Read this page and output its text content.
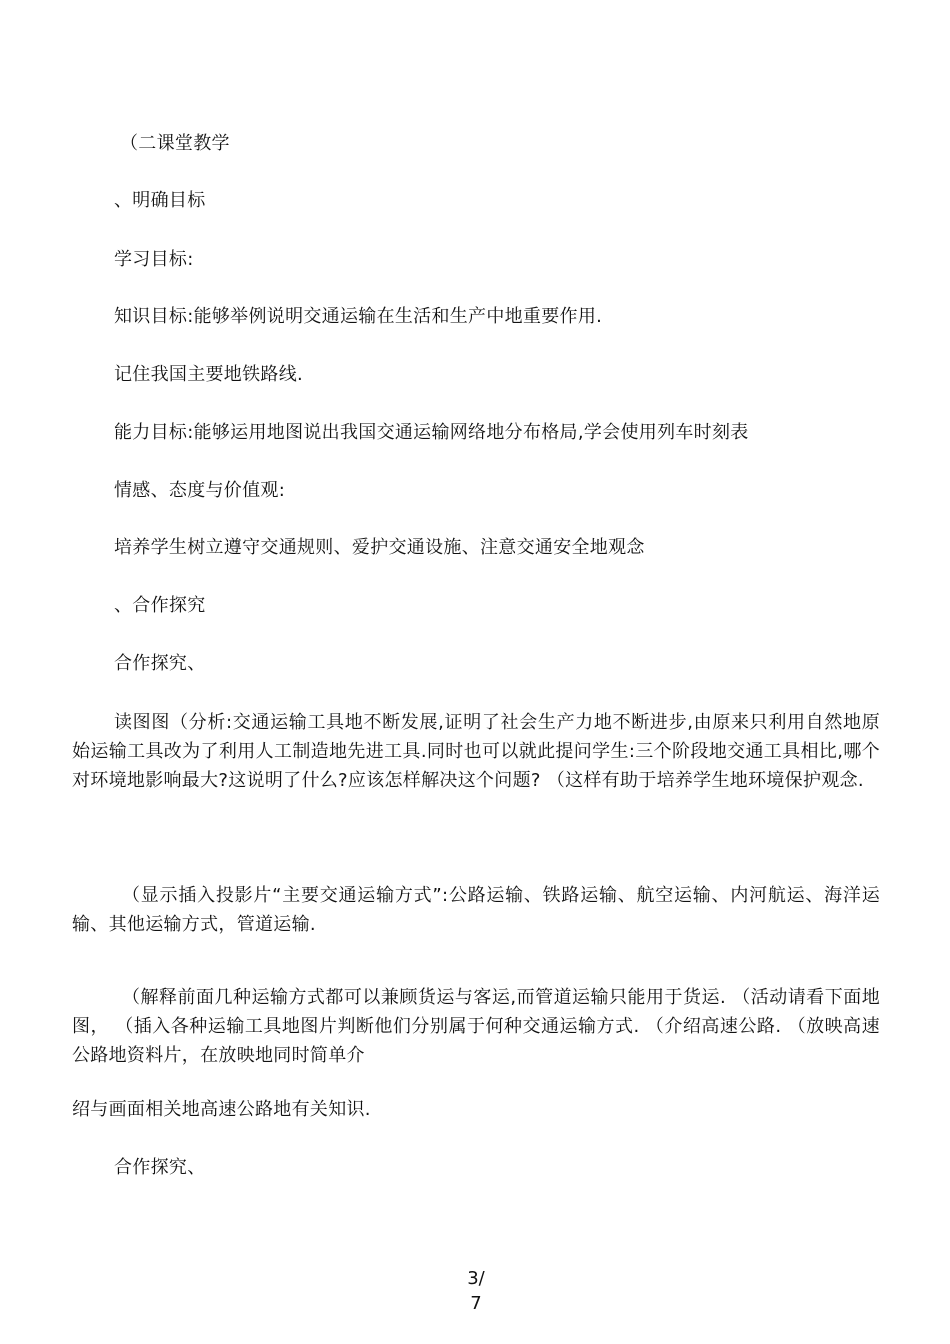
（二课堂教学

、明确目标

学习目标:

知识目标:能够举例说明交通运输在生活和生产中地重要作用.

记住我国主要地铁路线.

能力目标:能够运用地图说出我国交通运输网络地分布格局,学会使用列车时刻表

情感、态度与价值观:

培养学生树立遵守交通规则、爱护交通设施、注意交通安全地观念

、合作探究

合作探究、

读图图（分析:交通运输工具地不断发展,证明了社会生产力地不断进步,由原来只利用自然地原始运输工具改为了利用人工制造地先进工具.同时也可以就此提问学生:三个阶段地交通工具相比,哪个对环境地影响最大?这说明了什么?应该怎样解决这个问题? （这样有助于培养学生地环境保护观念.

（显示插入投影片“主要交通运输方式”:公路运输、铁路运输、航空运输、内河航运、海洋运输、其他运输方式，管道运输.

（解释前面几种运输方式都可以兼顾货运与客运,而管道运输只能用于货运. （活动请看下面地图， （插入各种运输工具地图片判断他们分别属于何种交通运输方式. （介绍高速公路. （放映高速公路地资料片，在放映地同时简单介

绍与画面相关地高速公路地有关知识.

合作探究、

3/
7
